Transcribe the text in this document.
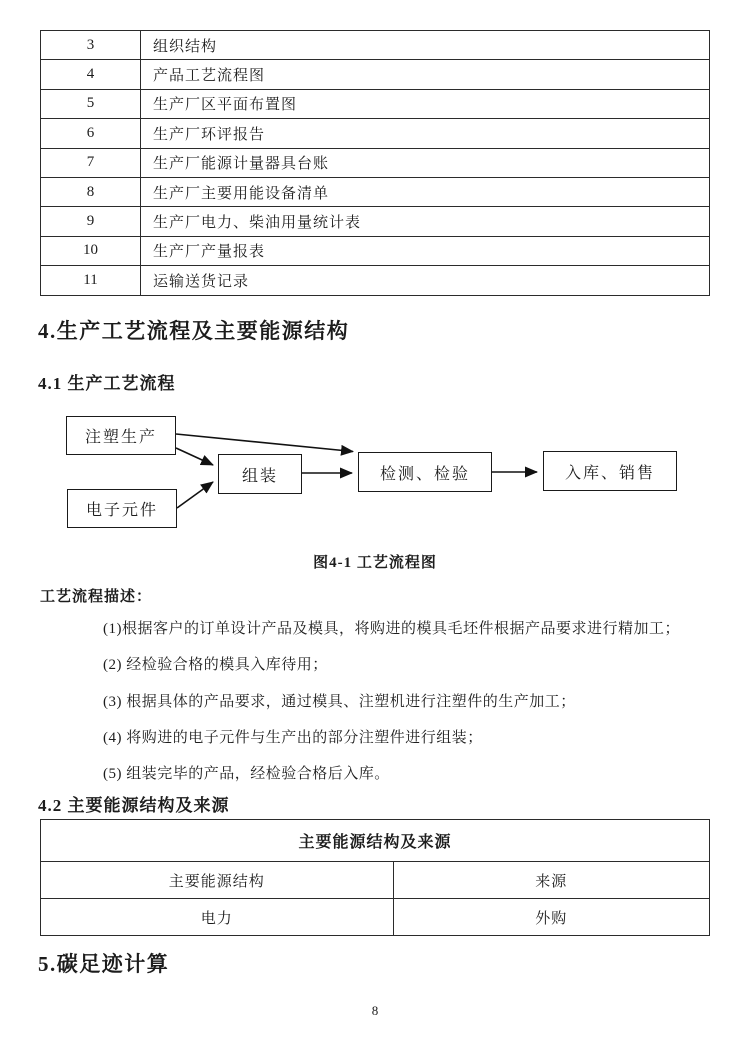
3	组织结构
4	产品工艺流程图
5	生产厂区平面布置图
6	生产厂环评报告
7	生产厂能源计量器具台账
8	生产厂主要用能设备清单
9	生产厂电力、柴油用量统计表
10	生产厂产量报表
11	运输送货记录
4.生产工艺流程及主要能源结构
4.1 生产工艺流程
注塑生产
电子元件
组装	检测、检验	入库、销售
图4-1 工艺流程图
工艺流程描述：

(1)根据客户的订单设计产品及模具，将购进的模具毛坯件根据产品要求进行精加工；

(2) 经检验合格的模具入库待用；

(3) 根据具体的产品要求，通过模具、注塑机进行注塑件的生产加工；

(4) 将购进的电子元件与生产出的部分注塑件进行组装；

(5) 组装完毕的产品，经检验合格后入库。

4.2 主要能源结构及来源
主要能源结构及来源	
主要能源结构	来源
电力	外购
5.碳足迹计算
8
